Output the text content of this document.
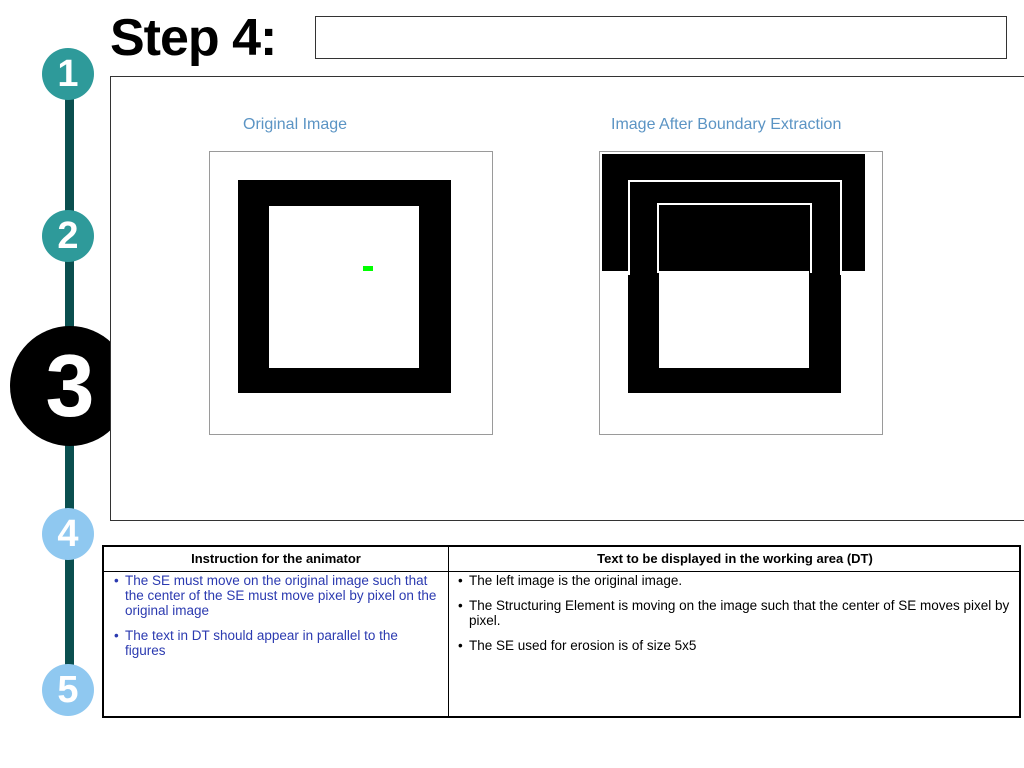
1
2
3
4
5
Step 4:
Original Image	Image After Boundary Extraction
Instruction for the animator	Text to be displayed in the working area (DT)
• The SE must move on the original image such that the center of the SE must move pixel by pixel on the original image
• The text in DT should appear in parallel to the figures
• The left image is the original image.
• The Structuring Element is moving on the image such that the center of SE moves pixel by pixel.
• The SE used for erosion is of size 5x5
